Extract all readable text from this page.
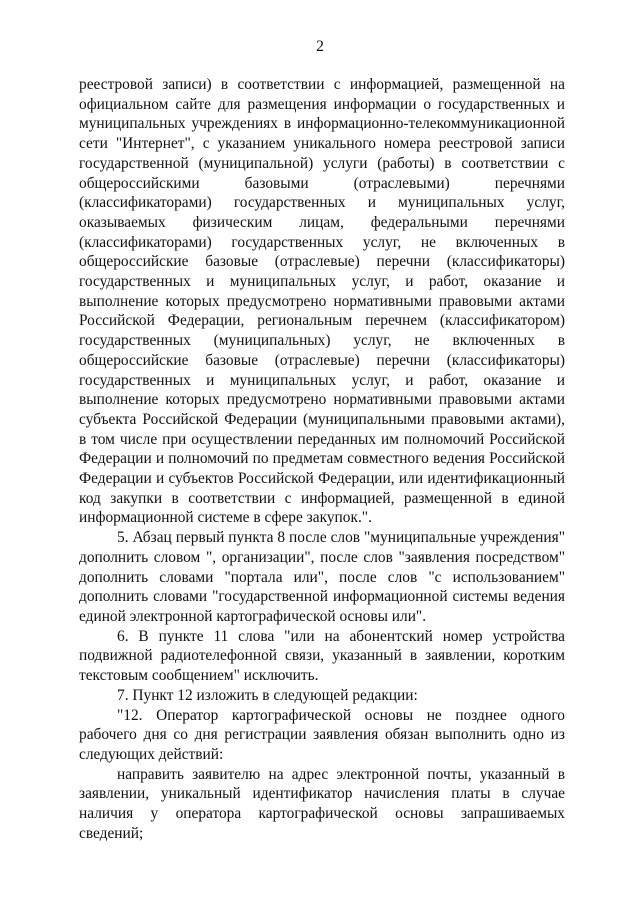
2

реестровой записи) в соответствии с информацией, размещенной на официальном сайте для размещения информации о государственных и муниципальных учреждениях в информационно-телекоммуникационной сети "Интернет", с указанием уникального номера реестровой записи государственной (муниципальной) услуги (работы) в соответствии с общероссийскими базовыми (отраслевыми) перечнями (классификаторами) государственных и муниципальных услуг, оказываемых физическим лицам, федеральными перечнями (классификаторами) государственных услуг, не включенных в общероссийские базовые (отраслевые) перечни (классификаторы) государственных и муниципальных услуг, и работ, оказание и выполнение которых предусмотрено нормативными правовыми актами Российской Федерации, региональным перечнем (классификатором) государственных (муниципальных) услуг, не включенных в общероссийские базовые (отраслевые) перечни (классификаторы) государственных и муниципальных услуг, и работ, оказание и выполнение которых предусмотрено нормативными правовыми актами субъекта Российской Федерации (муниципальными правовыми актами), в том числе при осуществлении переданных им полномочий Российской Федерации и полномочий по предметам совместного ведения Российской Федерации и субъектов Российской Федерации, или идентификационный код закупки в соответствии с информацией, размещенной в единой информационной системе в сфере закупок.".

5. Абзац первый пункта 8 после слов "муниципальные учреждения" дополнить словом ", организации", после слов "заявления посредством" дополнить словами "портала или", после слов "с использованием" дополнить словами "государственной информационной системы ведения единой электронной картографической основы или".

6. В пункте 11 слова "или на абонентский номер устройства подвижной радиотелефонной связи, указанный в заявлении, коротким текстовым сообщением" исключить.

7. Пункт 12 изложить в следующей редакции:

"12. Оператор картографической основы не позднее одного рабочего дня со дня регистрации заявления обязан выполнить одно из следующих действий:

направить заявителю на адрес электронной почты, указанный в заявлении, уникальный идентификатор начисления платы в случае наличия у оператора картографической основы запрашиваемых сведений;
